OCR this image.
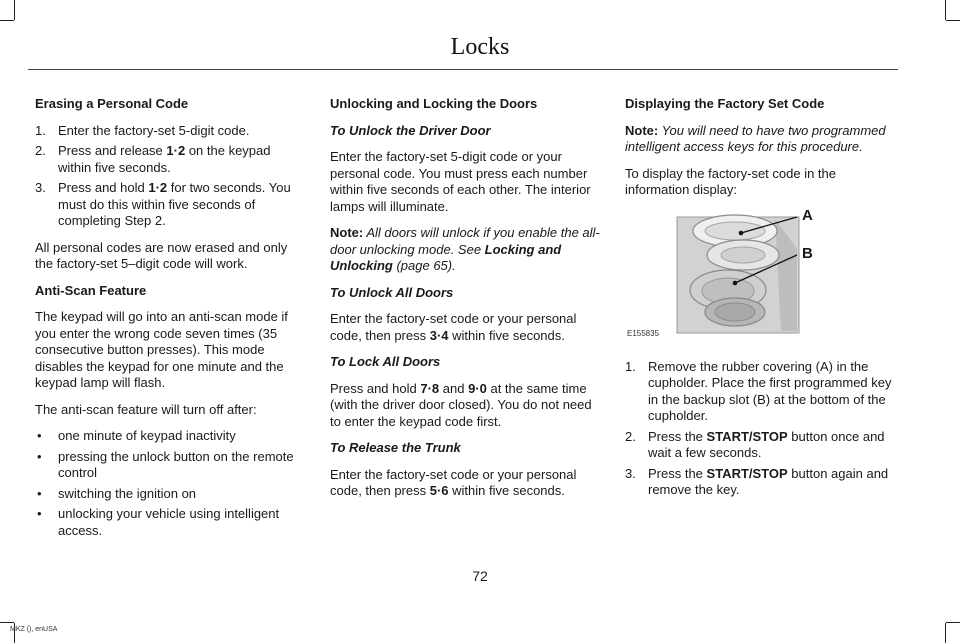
Locks
Erasing a Personal Code
1. Enter the factory-set 5-digit code.
2. Press and release 1·2 on the keypad within five seconds.
3. Press and hold 1·2 for two seconds. You must do this within five seconds of completing Step 2.

All personal codes are now erased and only the factory-set 5–digit code will work.

Anti-Scan Feature

The keypad will go into an anti-scan mode if you enter the wrong code seven times (35 consecutive button presses). This mode disables the keypad for one minute and the keypad lamp will flash.

The anti-scan feature will turn off after:

• one minute of keypad inactivity
• pressing the unlock button on the remote control
• switching the ignition on
• unlocking your vehicle using intelligent access.
Unlocking and Locking the Doors
To Unlock the Driver Door

Enter the factory-set 5-digit code or your personal code. You must press each number within five seconds of each other. The interior lamps will illuminate.

Note: All doors will unlock if you enable the all-door unlocking mode. See Locking and Unlocking (page 65).

To Unlock All Doors

Enter the factory-set code or your personal code, then press 3·4 within five seconds.

To Lock All Doors

Press and hold 7·8 and 9·0 at the same time (with the driver door closed). You do not need to enter the keypad code first.

To Release the Trunk

Enter the factory-set code or your personal code, then press 5·6 within five seconds.

Displaying the Factory Set Code

Note: You will need to have two programmed intelligent access keys for this procedure.

To display the factory-set code in the information display:

A
B
E155835
1. Remove the rubber covering (A) in the cupholder. Place the first programmed key in the backup slot (B) at the bottom of the cupholder.
2. Press the START/STOP button once and wait a few seconds.
3. Press the START/STOP button again and remove the key.
72
MKZ (), enUSA
